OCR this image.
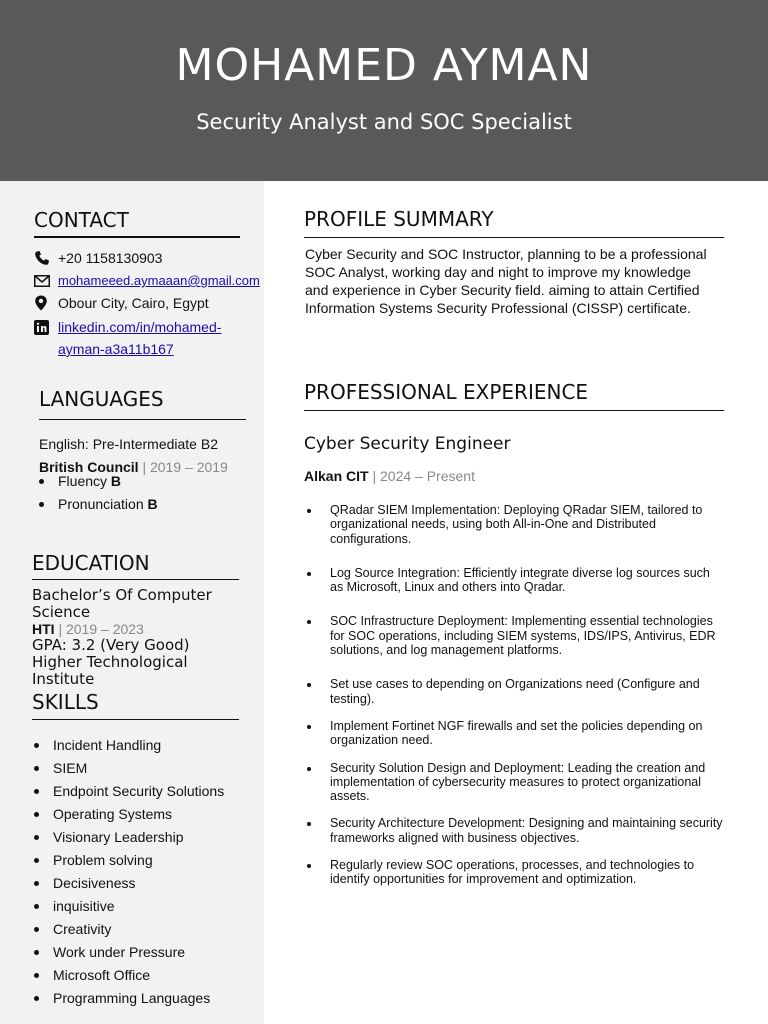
MOHAMED AYMAN
Security Analyst and SOC Specialist
CONTACT
+20 1158130903
mohameeed.aymaaan@gmail.com
Obour City, Cairo, Egypt
linkedin.com/in/mohamed-
ayman-a3a11b167
LANGUAGES
English: Pre-Intermediate B2
British Council | 2019 – 2019
Fluency B
Pronunciation B
EDUCATION
Bachelor’s Of Computer
Science
HTI | 2019 – 2023
GPA: 3.2 (Very Good)
Higher Technological
Institute
SKILLS
Incident Handling
SIEM
Endpoint Security Solutions
Operating Systems
Visionary Leadership
Problem solving
Decisiveness
inquisitive
Creativity
Work under Pressure
Microsoft Office
Programming Languages
PROFILE SUMMARY
Cyber Security and SOC Instructor, planning to be a professional
SOC Analyst, working day and night to improve my knowledge
and experience in Cyber Security field. aiming to attain Certified
Information Systems Security Professional (CISSP) certificate.
PROFESSIONAL EXPERIENCE
Cyber Security Engineer
Alkan CIT | 2024 – Present
QRadar SIEM Implementation: Deploying QRadar SIEM, tailored to
organizational needs, using both All-in-One and Distributed
configurations.
Log Source Integration: Efficiently integrate diverse log sources such
as Microsoft, Linux and others into Qradar.
SOC Infrastructure Deployment: Implementing essential technologies
for SOC operations, including SIEM systems, IDS/IPS, Antivirus, EDR
solutions, and log management platforms.
Set use cases to depending on Organizations need (Configure and
testing).
Implement Fortinet NGF firewalls and set the policies depending on
organization need.
Security Solution Design and Deployment: Leading the creation and
implementation of cybersecurity measures to protect organizational
assets.
Security Architecture Development: Designing and maintaining security
frameworks aligned with business objectives.
Regularly review SOC operations, processes, and technologies to
identify opportunities for improvement and optimization.
